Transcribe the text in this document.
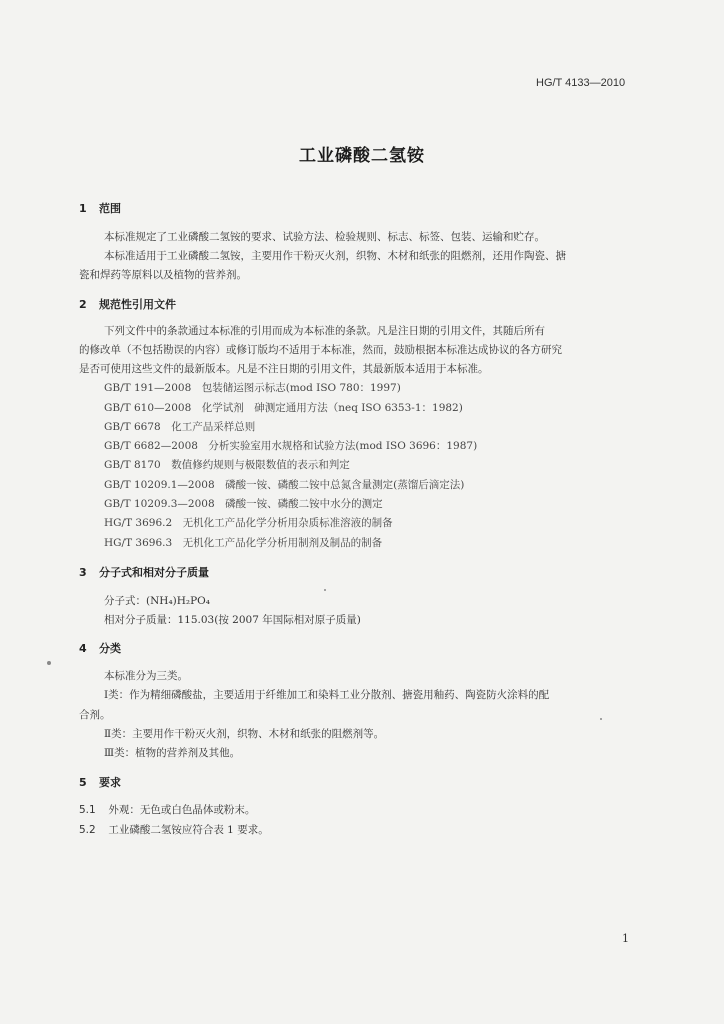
HG/T 4133—2010
工业磷酸二氢铵
1 范围
本标准规定了工业磷酸二氢铵的要求、试验方法、检验规则、标志、标签、包装、运输和贮存。
本标准适用于工业磷酸二氢铵，主要用作干粉灭火剂，织物、木材和纸张的阻燃剂，还用作陶瓷、搪
瓷和焊药等原料以及植物的营养剂。
2 规范性引用文件
下列文件中的条款通过本标准的引用而成为本标准的条款。凡是注日期的引用文件，其随后所有
的修改单（不包括勘误的内容）或修订版均不适用于本标准，然而，鼓励根据本标准达成协议的各方研究
是否可使用这些文件的最新版本。凡是不注日期的引用文件，其最新版本适用于本标准。
GB/T 191—2008　包装储运图示标志(mod ISO 780：1997)
GB/T 610—2008　化学试剂　砷测定通用方法（neq ISO 6353-1：1982)
GB/T 6678　化工产品采样总则
GB/T 6682—2008　分析实验室用水规格和试验方法(mod ISO 3696：1987)
GB/T 8170　数值修约规则与极限数值的表示和判定
GB/T 10209.1—2008　磷酸一铵、磷酸二铵中总氮含量测定(蒸馏后滴定法)
GB/T 10209.3—2008　磷酸一铵、磷酸二铵中水分的测定
HG/T 3696.2　无机化工产品化学分析用杂质标准溶液的制备
HG/T 3696.3　无机化工产品化学分析用制剂及制品的制备
3 分子式和相对分子质量
分子式：(NH₄)H₂PO₄
相对分子质量：115.03(按 2007 年国际相对原子质量)
4 分类
本标准分为三类。
Ⅰ类：作为精细磷酸盐，主要适用于纤维加工和染料工业分散剂、搪瓷用釉药、陶瓷防火涂料的配
合剂。
Ⅱ类：主要用作干粉灭火剂，织物、木材和纸张的阻燃剂等。
Ⅲ类：植物的营养剂及其他。
5 要求
5.1 外观：无色或白色晶体或粉末。
5.2 工业磷酸二氢铵应符合表 1 要求。
1
